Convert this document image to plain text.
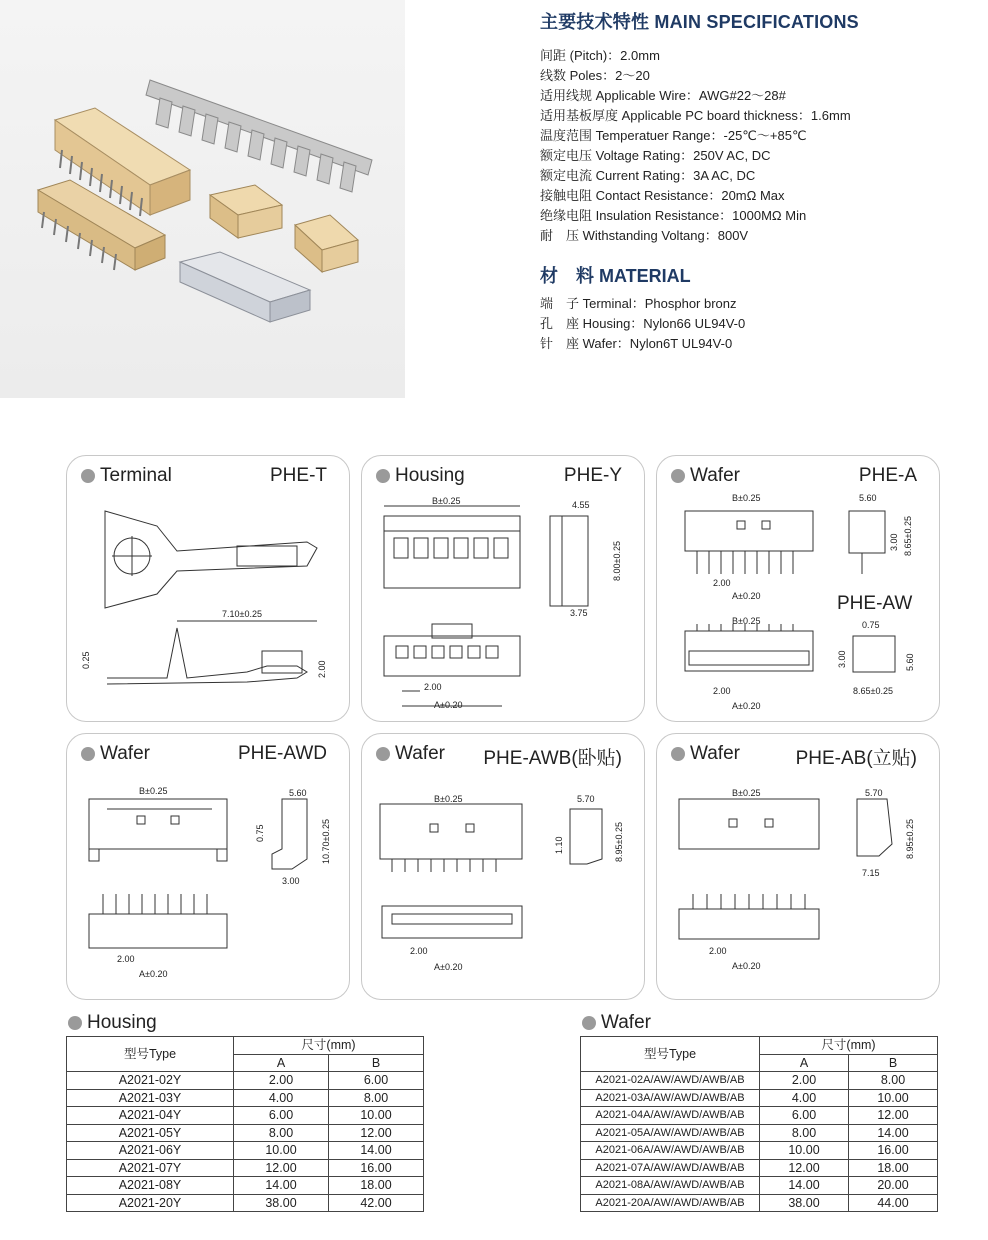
主要技术特性 MAIN SPECIFICATIONS
间距 (Pitch)：2.0mm
线数 Poles：2～20
适用线规 Applicable Wire：AWG#22～28#
适用基板厚度 Applicable PC board thickness：1.6mm
温度范围 Temperatuer Range：-25℃～+85℃
额定电压 Voltage Rating：250V AC, DC
额定电流 Current Rating：3A AC, DC
接触电阻 Contact Resistance：20mΩ Max
绝缘电阻 Insulation Resistance：1000MΩ Min
耐　压 Withstanding Voltang：800V
材　料 MATERIAL
端　子 Terminal：Phosphor bronz
孔　座 Housing：Nylon66 UL94V-0
针　座 Wafer：Nylon6T UL94V-0
Terminal	PHE-T
7.10±0.25
0.25
2.00
Housing	PHE-Y
B±0.25	4.55
8.00±0.25
3.75
2.00
A±0.20
Wafer	PHE-A
PHE-AW
B±0.25	5.60
3.00 8.65±0.25
2.00
A±0.20
B±0.25	0.75
3.00	5.60
8.65±0.25
2.00
A±0.20
Wafer	PHE-AWD
B±0.25	5.60
0.75	10.70±0.25
3.00
2.00
A±0.20
Wafer PHE-AWB(卧贴)
B±0.25	5.70
1.10	8.95±0.25
2.00
A±0.20
Wafer	PHE-AB(立贴)
B±0.25	5.70
8.95±0.25
7.15
2.00
A±0.20
Housing
型号Type	尺寸(mm)	
	A	B
A2021-02Y	2.00	6.00
A2021-03Y	4.00	8.00
A2021-04Y	6.00	10.00
A2021-05Y	8.00	12.00
A2021-06Y	10.00	14.00
A2021-07Y	12.00	16.00
A2021-08Y	14.00	18.00
A2021-20Y	38.00	42.00
Wafer
型号Type	尺寸(mm)	
	A	B
A2021-02A/AW/AWD/AWB/AB	2.00	8.00
A2021-03A/AW/AWD/AWB/AB	4.00	10.00
A2021-04A/AW/AWD/AWB/AB	6.00	12.00
A2021-05A/AW/AWD/AWB/AB	8.00	14.00
A2021-06A/AW/AWD/AWB/AB	10.00	16.00
A2021-07A/AW/AWD/AWB/AB	12.00	18.00
A2021-08A/AW/AWD/AWB/AB	14.00	20.00
A2021-20A/AW/AWD/AWB/AB	38.00	44.00
